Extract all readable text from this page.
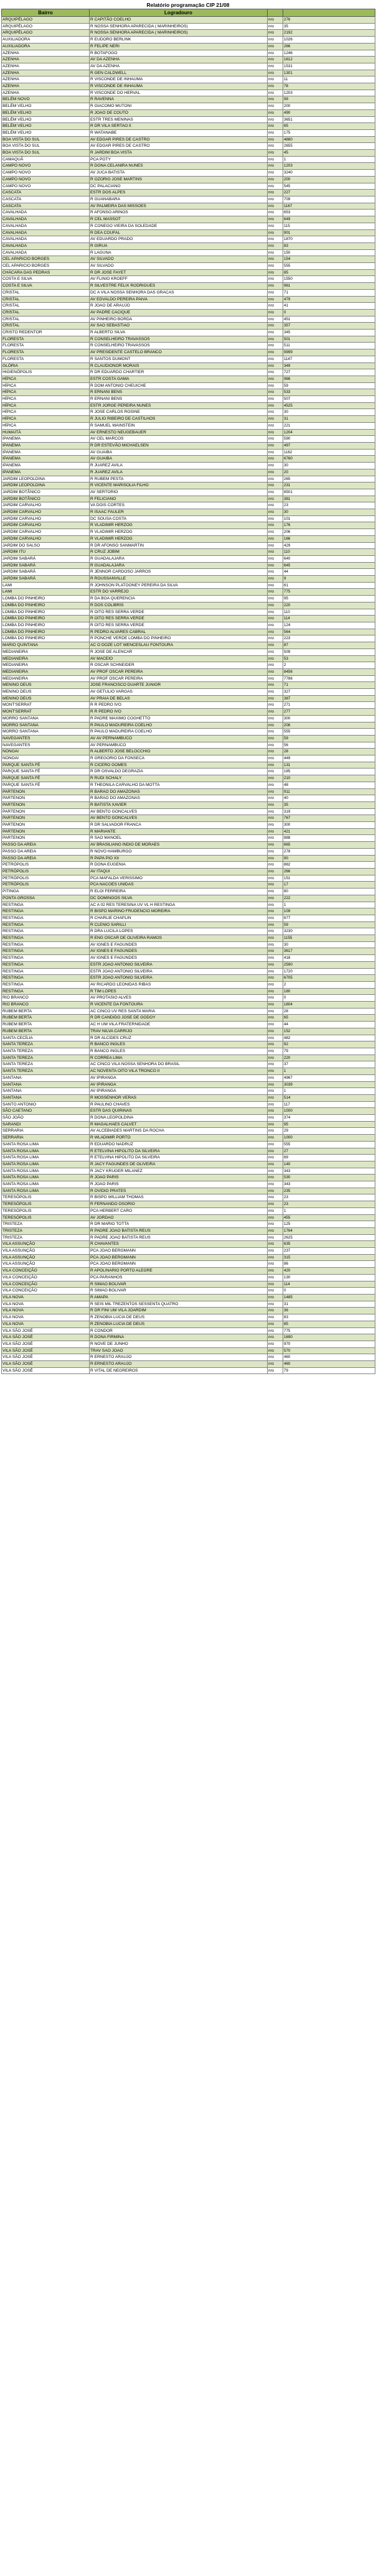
Relatório programação CIP 21/08
Bairro	Logradouro		
ARQUIPÉLAGO	R CAPITÃO COELHO	nro	276
ARQUIPÉLAGO	R NOSSA SENHORA APARECIDA ( MARINHEIROS)	nro	35
ARQUIPÉLAGO	R NOSSA SENHORA APARECIDA ( MARINHEIROS)	nro	2192
AUXILIADORA	R EUDORO BERLINK	nro	1026
AUXILIADORA	R FELIPE NERI	nro	266
AZENHA	R BOTAFOGO	nro	1246
AZENHA	AV DA AZENHA	nro	1612
AZENHA	AV DA AZENHA	nro	1531
AZENHA	R GEN CALDWELL	nro	1301
AZENHA	R VISCONDE DE INHAUMA	nro	11
AZENHA	R VISCONDE DE INHAUMA	nro	78
AZENHA	R VISCONDE DO HERVAL	nro	1203
BELÉM NOVO	R RAVENNA	nro	99
BELÉM VELHO	R GIACOMO MUTONI	nro	200
BELÉM VELHO	R JOAO DE COUTO	nro	490
BELÉM VELHO	ESTR TRES MENINAS	nro	3651
BELÉM VELHO	R DR VILA SERTAO II	nro	65
BELÉM VELHO	R WATANABE	nro	175
BOA VISTA DO SUL	AV EDGAR PIRES DE CASTRO	nro	4880
BOA VISTA DO SUL	AV EDGAR PIRES DE CASTRO	nro	2655
BOA VISTA DO SUL	R JARDIM BOA VISTA	nro	45
CAMAQUÃ	PCA POTY	nro	1
CAMPO NOVO	R DONA CELANIRA NUNES	nro	1203
CAMPO NOVO	AV JUCA BATISTA	nro	3240
CAMPO NOVO	R OZORIO JOSE MARTINS	nro	200
CAMPO NOVO	DC PALACIANO	nro	545
CASCATA	ESTR DOS ALPES	nro	227
CASCATA	R GUANABARA	nro	709
CASCATA	AV PALMEIRA DAS MISSOES	nro	1167
CAVALHADA	R AFONSO ARINOS	nro	653
CAVALHADA	R CEL MASSOT	nro	649
CAVALHADA	R CONEGO VIEIRA DA SOLEDADE	nro	115
CAVALHADA	R DEA COUFAL	nro	901
CAVALHADA	AV EDUARDO PRADO	nro	1870
CAVALHADA	R GIRUA	nro	83
CAVALHADA	R LAGUNA	nro	150
CEL APARICIO BORGES	AV SILVADO	nro	154
CEL APARICIO BORGES	AV SILVADO	nro	555
CHÁCARA DAS PEDRAS	R DR JOSE FAYET	nro	85
COSTA E SILVA	AV FLINIO KROEFF	nro	1550
COSTA E SILVA	R SILVESTRE FELIX RODRIGUES	nro	961
CRISTAL	DC A VILA NOSSA SENHORA DAS GRACAS	nro	71
CRISTAL	AV EDVALDO PEREIRA PAIVA	nro	479
CRISTAL	R JOAO DE ARAUJO	nro	41
CRISTAL	AV PADRE CACIQUE	nro	0
CRISTAL	AV PINHEIRO BORDA	nro	451
CRISTAL	AV SAO SEBASTIAO	nro	357
CRISTO REDENTOR	R ALBERTO SILVA	nro	345
FLORESTA	R CONSELHEIRO TRAVASSOS	nro	501
FLORESTA	R CONSELHEIRO TRAVASSOS	nro	511
FLORESTA	AV PRESIDENTE CASTELO BRANCO	nro	9999
FLORESTA	R SANTOS DUMONT	nro	1147
GLÓRIA	R CLAUDIONOR MORAIS	nro	349
HIGIENÓPOLIS	R DR EDUARDO CHARTIER	nro	727
HÍPICA	ESTR COSTA GAMA	nro	966
HÍPICA	R DOM ANTONIO CHEUICHE	nro	59
HÍPICA	R ERNANI BENS	nro	533
HÍPICA	R ERNANI BENS	nro	507
HÍPICA	ESTR JORGE PEREIRA NUNES	nro	4525
HÍPICA	R JOSE CARLOS ROSINE	nro	30
HÍPICA	R JULIO RIBEIRO DE CASTILHOS	nro	31
HÍPICA	R SAMUEL WAINSTEIN	nro	221
HUMAITÁ	AV ERNESTO NEUGEBAUER	nro	1204
IPANEMA	AV CEL MARCOS	nro	590
IPANEMA	R DR ESTEVÃO MICHAELSEN	nro	497
IPANEMA	AV GUAIBA	nro	1162
IPANEMA	AV GUAIBA	nro	6760
IPANEMA	R JUAREZ AVILA	nro	30
IPANEMA	R JUAREZ AVILA	nro	20
JARDIM LEOPOLDINA	R RUBEM PESTA	nro	265
JARDIM LEOPOLDINA	R VICENTE MARISOLIA FILHO	nro	231
JARDIM BOTÂNICO	AV SERTORIO	nro	8501
JARDIM BOTÂNICO	R FELICIANO	nro	381
JARDIM CARVALHO	VA DOIS CORTES	nro	23
JARDIM CARVALHO	R ISAAC FAULER	nro	30
JARDIM CARVALHO	DC SOUSA COSTA	nro	101
JARDIM CARVALHO	R VLADIMIR HERZOG	nro	176
JARDIM CARVALHO	R VLADIMIR HERZOG	nro	206
JARDIM CARVALHO	R VLADIMIR HERZOG	nro	166
JARDIM DO SALSO	R DR AFONSO SANMARTIN	nro	429
JARDIM ITU	R CRUZ JOBIM	nro	110
JARDIM SABARÁ	R GUADALAJARA	nro	640
JARDIM SABARÁ	R GUADALAJARA	nro	645
JARDIM SABARÁ	R JENNOR CARDOSO JARROS	nro	44
JARDIM SABARÁ	R ROUSSANVILLE	nro	9
LAMI	R JOHNSON PLATOONEY PEREIRA DA SILVA	nro	61
LAMI	ESTR DO VARREJO	nro	775
LOMBA DO PINHEIRO	R DA BOA QUERENCIA	nro	95
LOMBA DO PINHEIRO	R DOS COLIBRIS	nro	220
LOMBA DO PINHEIRO	R OITO RES SERRA VERDE	nro	110
LOMBA DO PINHEIRO	R OITO RES SERRA VERDE	nro	114
LOMBA DO PINHEIRO	R OITO RES SERRA VERDE	nro	124
LOMBA DO PINHEIRO	R PEDRO ALVARES CABRAL	nro	564
LOMBA DO PINHEIRO	R PONCHE VERDE LOMBA DO PINHEIRO	nro	223
MARIO QUINTANA	AC O DOZE LOT WENCESLAU FONTOURA	nro	87
MEDIANEIRA	R JOSE DE ALENCAR	nro	509
MEDIANEIRA	AV MACEIO	nro	53
MEDIANEIRA	R OSCAR SCHNEIDER	nro	2
MEDIANEIRA	AV PROF OSCAR PEREIRA	nro	8456
MEDIANEIRA	AV PROF OSCAR PEREIRA	nro	7786
MENINO DEUS	JOSE FRANCISCO DUARTE JUNIOR	nro	71
MENINO DEUS	AV GETULIO VARGAS	nro	327
MENINO DEUS	AV PRAIA DE BELAS	nro	387
MONT'SERRAT	R R PEDRO IVO	nro	271
MONT'SERRAT	R R PEDRO IVO	nro	277
MORRO SANTANA	R PADRE MAXIMO COGHETTO	nro	300
MORRO SANTANA	R PAULO MADUREIRA COELHO	nro	206
MORRO SANTANA	R PAULO MADUREIRA COELHO	nro	555
NAVEGANTES	AV AV PERNAMBUCO	nro	59
NAVEGANTES	AV PERNAMBUCO	nro	56
NONOAI	R ALBERTO JOSE BELOCCHIO	nro	28
NONOAI	R GREGORIO DA FONSECA	nro	449
PARQUE SANTA FÉ	R CICERO GOMES	nro	131
PARQUE SANTA FÉ	R DR OSVALDO DEGRAZIA	nro	185
PARQUE SANTA FÉ	R RUDI SCHALY	nro	210
PARQUE SANTA FÉ	R THEONILA CARVALHO DA MOTTA	nro	48
PARTENON	R BARAO DO AMAZONAS	nro	911
PARTENON	R BARAO DO AMAZONAS	nro	40
PARTENON	R BATISTA XAVIER	nro	35
PARTENON	AV BENTO GONCALVES	nro	319
PARTENON	AV BENTO GONCALVES	nro	767
PARTENON	R DR SALVADOR FRANCA	nro	300
PARTENON	R MARIANTE	nro	421
PARTENON	R SAO MANOEL	nro	888
PASSO DA AREIA	AV BRASILIANO INDIO DE MORAES	nro	665
PASSO DA AREIA	R NOVO HAMBURGO	nro	278
PASSO DA AREIA	R PAPA PIO XII	nro	90
PETRÓPOLIS	R DONA EUGENIA	nro	882
PETRÓPOLIS	AV ITAQUI	nro	266
PETRÓPOLIS	PCA MAFALDA VERISSIMO	nro	151
PETRÓPOLIS	PCA NACOES UNIDAS	nro	17
PITINGA	R ELOI FERREIRA	nro	80
PONTA GROSSA	DC DOMINGOS SILVA	nro	222
RESTINGA	AC A 02 RES TERESINA UV VL H RESTINGA	nro	1
RESTINGA	R BISPO MARINO FRUDENCIO MOREIRA	nro	109
RESTINGA	R CHARLIE CHAPLIN	nro	677
RESTINGA	R CLENIO SARILLI	nro	59
RESTINGA	R DRA LUCILA LOPES	nro	3230
RESTINGA	R ENG OSCAR DE OLIVEIRA RAMOS	nro	1155
RESTINGA	AV IGNES E FAGUNDES	nro	30
RESTINGA	AV IGNES E FAGUNDES	nro	3617
RESTINGA	AV IGNES E FAGUNDES	nro	418
RESTINGA	ESTR JOAO ANTONIO SILVEIRA	nro	2590
RESTINGA	ESTR JOAO ANTONIO SILVEIRA	nro	1720
RESTINGA	ESTR JOAO ANTONIO SILVEIRA	nro	6705
RESTINGA	AV RICARDO LEONIDAS RIBAS	nro	2
RESTINGA	R TIM LOPES	nro	180
RIO BRANCO	AV PROTASIO ALVES	nro	0
RIO BRANCO	R VICENTE DA FONTOURA	nro	1804
RUBEM BERTA	AC CINCO UV RES SANTA MARIA	nro	28
RUBEM BERTA	R DR CANDIDO JOSE DE GODOY	nro	65
RUBEM BERTA	AC H UM VILA FRATERNIDADE	nro	44
RUBEM BERTA	TRAV NILVA CARRIJO	nro	152
SANTA CECÍLIA	R DR ALCIDES CRUZ	nro	482
SANTA TEREZA	R BANCO INGLES	nro	92
SANTA TEREZA	R BANCO INGLES	nro	79
SANTA TEREZA	R CORREA LIMA	nro	220
SANTA TEREZA	AC CINCO VILA NOSSA SENHORA DO BRASIL	nro	37
SANTA TEREZA	AC NOVENTA OITO VILA TRONCO II	nro	1
SANTANA	AV IPIRANGA	nro	4967
SANTANA	AV IPIRANGA	nro	3039
SANTANA	AV IPIRANGA	nro	1
SANTANA	R MOSSENHOR VERAS	nro	514
SANTO ANTONIO	R PAULINO CHAVES	nro	117
SÃO CAETANO	ESTR DAS QUIRINAS	nro	1000
SÃO JOÃO	R DONA LEOPOLDINA	nro	374
SARANDI	R MAGALHAES CALVET	nro	95
SERRARIA	AV ALCEBIADES MARTINS DA ROCHA	nro	29
SERRARIA	R WLADIMIR PORTO	nro	1000
SANTA ROSA LIMA	R EDUARDO NADRUZ	nro	555
SANTA ROSA LIMA	R ETELVINA HIPOLITO DA SILVEIRA	nro	27
SANTA ROSA LIMA	R ETELVINA HIPOLITO DA SILVEIRA	nro	69
SANTA ROSA LIMA	R JACY FAGUNDES DE OLIVEIRA	nro	140
SANTA ROSA LIMA	R JACY KRUGER MILANEZ	nro	343
SANTA ROSA LIMA	R JOAO PARIS	nro	530
SANTA ROSA LIMA	R JOAO PARIS	nro	343
SANTA ROSA LIMA	R OVIDIO PRATES	nro	235
TERESÓPOLIS	R BISPO WILLIAM THOMAS	nro	23
TERESÓPOLIS	R FERNANDO OSORIO	nro	23
TERESÓPOLIS	PCA HERBERT CARO	nro	1
TERESÓPOLIS	AV JORDAO	nro	455
TRISTEZA	R DR MARIO TOTTA	nro	125
TRISTEZA	R PADRE JOAO BATISTA REUS	nro	1764
TRISTEZA	R PADRE JOAO BATISTA REUS	nro	2625
VILA ASSUNÇÃO	R CHAVANTES	nro	635
VILA ASSUNÇÃO	PCA JOAO BERGMANN	nro	237
VILA ASSUNÇÃO	PCA JOAO BERGMANN	nro	315
VILA ASSUNÇÃO	PCA JOAO BERGMANN	nro	86
VILA CONCEIÇÃO	R APOLINARIO PORTO ALEGRE	nro	420
VILA CONCEIÇÃO	PCA PARANHOS	nro	130
VILA CONCEIÇÃO	R SIMAO BOLIVAR	nro	114
VILA CONCEIÇÃO	R SIMAO BOLIVAR	nro	0
VILA NOVA	R AMAPA	nro	1485
VILA NOVA	R SEIS MIL TREZENTOS SESSENTA QUATRO	nro	31
VILA NOVA	R DR FINI UM VILA JOARDIM	nro	36
VILA NOVA	R ZENOBIA LUCIA DE DEUS	nro	83
VILA NOVA	R ZENOBIA LUCIA DE DEUS	nro	85
VILA SÃO JOSÉ	R CONDOR	nro	775
VILA SÃO JOSÉ	R DONA FIRMINA	nro	1690
VILA SÃO JOSÉ	R NOVE DE JUNHO	nro	970
VILA SÃO JOSÉ	TRAV SAO JOAO	nro	570
VILA SÃO JOSÉ	R ERNESTO ARAUJO	nro	460
VILA SÃO JOSÉ	R ERNESTO ARAUJO	nro	460
VILA SÃO JOSÉ	R VITAL DE NEGREIROS	nro	79
